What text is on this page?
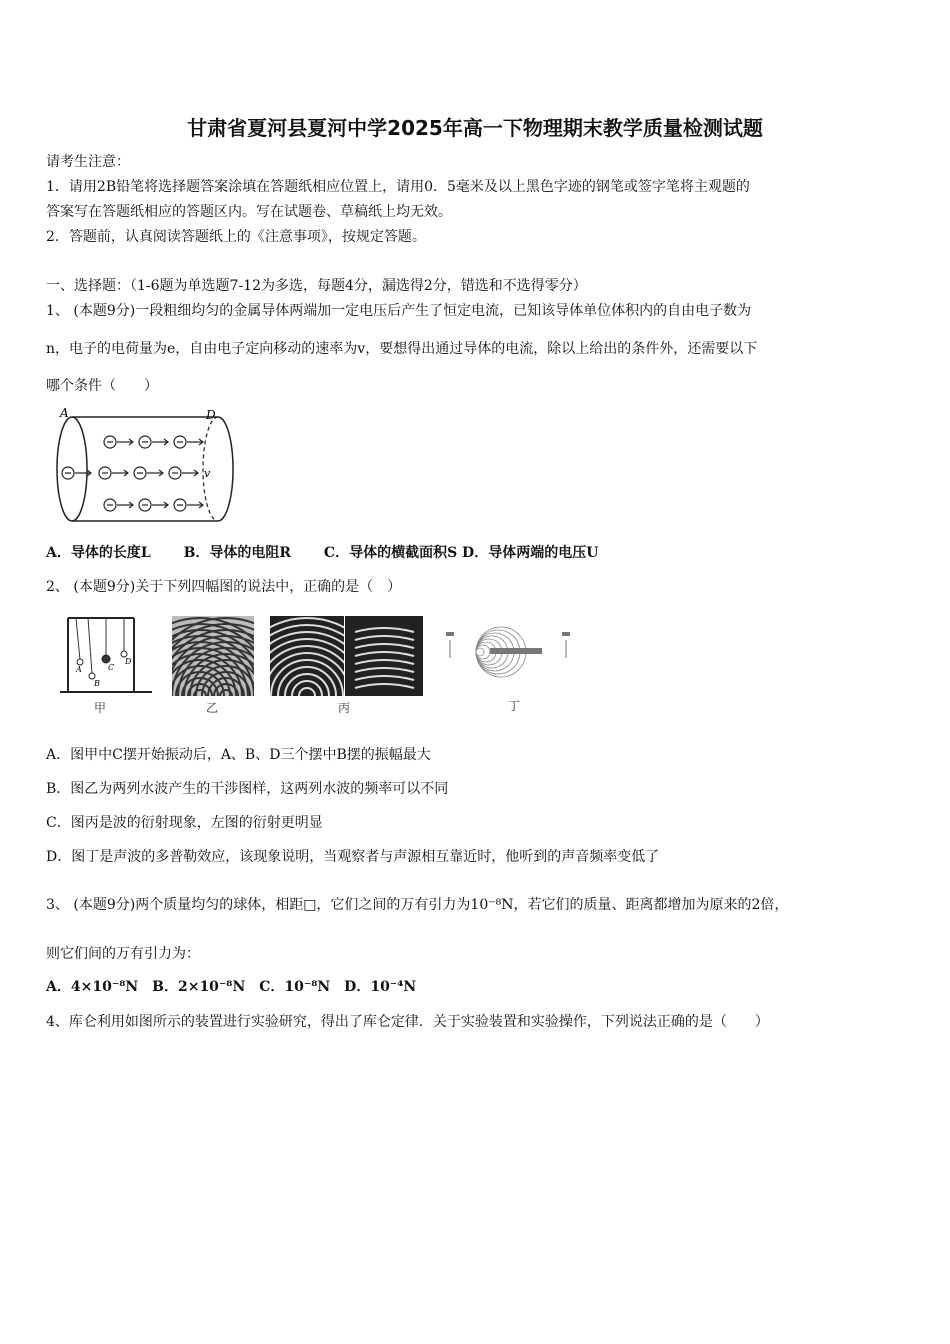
甘肃省夏河县夏河中学2025年高一下物理期末教学质量检测试题
请考生注意：
1．请用2B铅笔将选择题答案涂填在答题纸相应位置上，请用0．5毫米及以上黑色字迹的钢笔或签字笔将主观题的
答案写在答题纸相应的答题区内。写在试题卷、草稿纸上均无效。
2．答题前，认真阅读答题纸上的《注意事项》，按规定答题。
一、选择题：（1-6题为单选题7-12为多选，每题4分，漏选得2分，错选和不选得零分）
1、 (本题9分)一段粗细均匀的金属导体两端加一定电压后产生了恒定电流，已知该导体单位体积内的自由电子数为
n，电子的电荷量为e，自由电子定向移动的速率为v，要想得出通过导体的电流，除以上给出的条件外，还需要以下
哪个条件（　　）
A	D
v
A．导体的长度L　　 B．导体的电阻R　　 C．导体的横截面积S D．导体两端的电压U
2、 (本题9分)关于下列四幅图的说法中，正确的是（　）
A
B
C
D
甲	乙	丙	丁
A．图甲中C摆开始振动后，A、B、D三个摆中B摆的振幅最大
B．图乙为两列水波产生的干涉图样，这两列水波的频率可以不同
C．图丙是波的衍射现象，左图的衍射更明显
D．图丁是声波的多普勒效应，该现象说明，当观察者与声源相互靠近时，他听到的声音频率变低了
3、 (本题9分)两个质量均匀的球体，相距□，它们之间的万有引力为10⁻⁸N，若它们的质量、距离都增加为原来的2倍，
则它们间的万有引力为：
A．4×10⁻⁸N　B．2×10⁻⁸N　C．10⁻⁸N　D．10⁻⁴N
4、库仑利用如图所示的装置进行实验研究，得出了库仑定律．关于实验装置和实验操作，下列说法正确的是（　　）
